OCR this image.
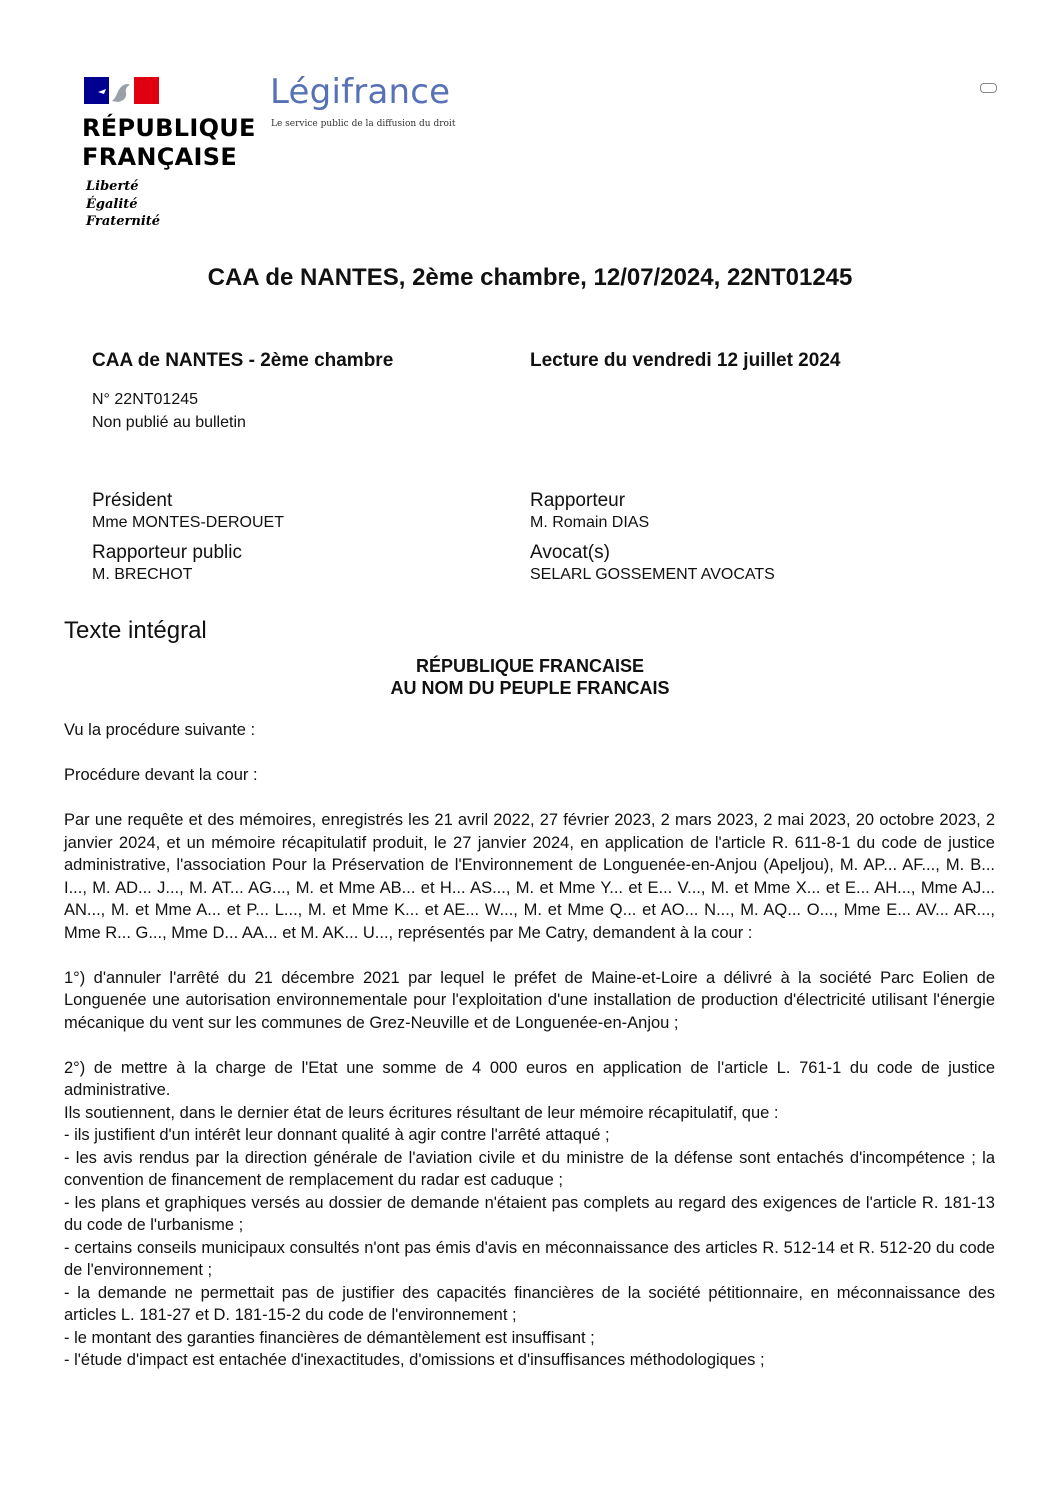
RÉPUBLIQUE
FRANÇAISE
Liberté
Égalité
Fraternité
Légifrance
Le service public de la diffusion du droit
CAA de NANTES, 2ème chambre, 12/07/2024, 22NT01245
CAA de NANTES - 2ème chambre	Lecture du vendredi 12 juillet 2024
N° 22NT01245
Non publié au bulletin
Président
Mme MONTES-DEROUET
Rapporteur
M. Romain DIAS
Rapporteur public
M. BRECHOT
Avocat(s)
SELARL GOSSEMENT AVOCATS
Texte intégral
RÉPUBLIQUE FRANCAISE
AU NOM DU PEUPLE FRANCAIS

Vu la procédure suivante :

Procédure devant la cour :

Par une requête et des mémoires, enregistrés les 21 avril 2022, 27 février 2023, 2 mars 2023, 2 mai 2023, 20 octobre 2023, 2 janvier 2024, et un mémoire récapitulatif produit, le 27 janvier 2024, en application de l'article R. 611-8-1 du code de justice administrative, l'association Pour la Préservation de l'Environnement de Longuenée-en-Anjou (Apeljou), M. AP... AF..., M. B... I..., M. AD... J..., M. AT... AG..., M. et Mme AB... et H... AS..., M. et Mme Y... et E... V..., M. et Mme X... et E... AH..., Mme AJ... AN..., M. et Mme A... et P... L..., M. et Mme K... et AE... W..., M. et Mme Q... et AO... N..., M. AQ... O..., Mme E... AV... AR..., Mme R... G..., Mme D... AA... et M. AK... U..., représentés par Me Catry, demandent à la cour :

1°) d'annuler l'arrêté du 21 décembre 2021 par lequel le préfet de Maine-et-Loire a délivré à la société Parc Eolien de Longuenée une autorisation environnementale pour l'exploitation d'une installation de production d'électricité utilisant l'énergie mécanique du vent sur les communes de Grez-Neuville et de Longuenée-en-Anjou ;

2°) de mettre à la charge de l'Etat une somme de 4 000 euros en application de l'article L. 761-1 du code de justice administrative.

Ils soutiennent, dans le dernier état de leurs écritures résultant de leur mémoire récapitulatif, que :

- ils justifient d'un intérêt leur donnant qualité à agir contre l'arrêté attaqué ;

- les avis rendus par la direction générale de l'aviation civile et du ministre de la défense sont entachés d'incompétence ; la convention de financement de remplacement du radar est caduque ;

- les plans et graphiques versés au dossier de demande n'étaient pas complets au regard des exigences de l'article R. 181-13 du code de l'urbanisme ;

- certains conseils municipaux consultés n'ont pas émis d'avis en méconnaissance des articles R. 512-14 et R. 512-20 du code de l'environnement ;

- la demande ne permettait pas de justifier des capacités financières de la société pétitionnaire, en méconnaissance des articles L. 181-27 et D. 181-15-2 du code de l'environnement ;

- le montant des garanties financières de démantèlement est insuffisant ;

- l'étude d'impact est entachée d'inexactitudes, d'omissions et d'insuffisances méthodologiques ;
